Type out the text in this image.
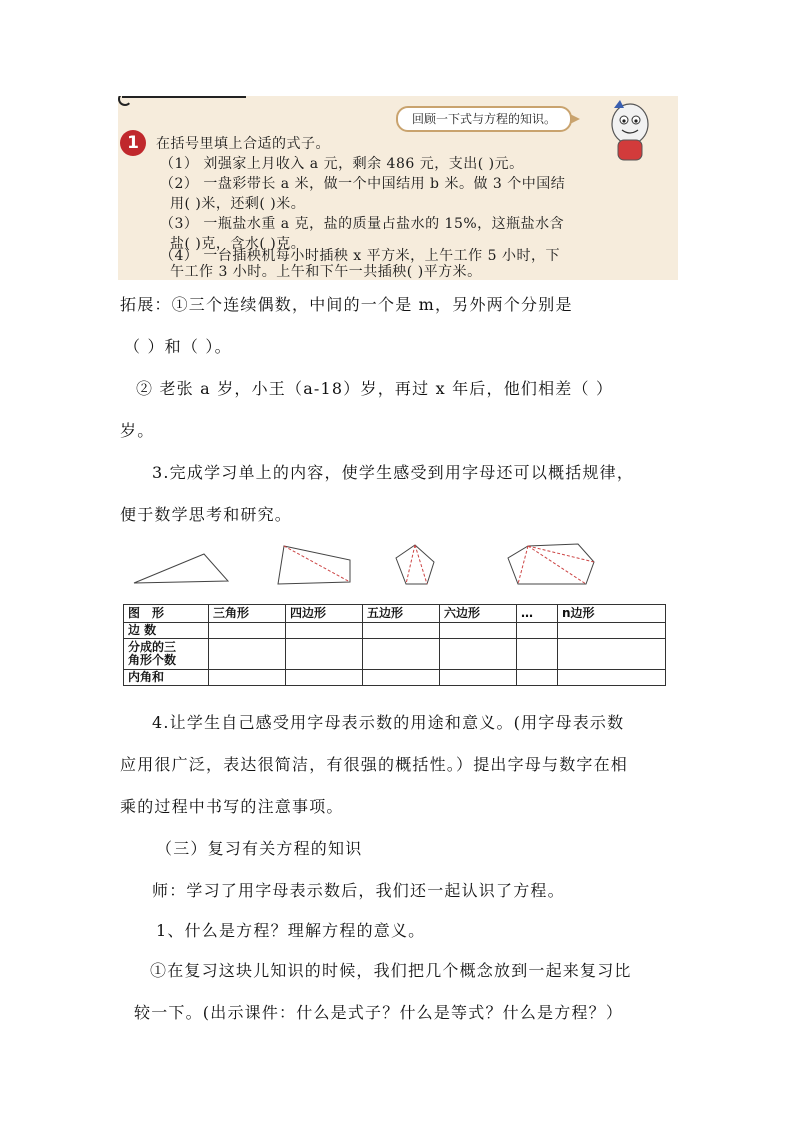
回顾一下式与方程的知识。
1	在括号里填上合适的式子。
（1） 刘强家上月收入 a 元，剩余 486 元，支出( )元。
（2） 一盘彩带长 a 米，做一个中国结用 b 米。做 3 个中国结
用( )米，还剩( )米。
（3） 一瓶盐水重 a 克，盐的质量占盐水的 15%，这瓶盐水含
盐( )克，含水( )克。
（4） 一台插秧机每小时插秧 x 平方米，上午工作 5 小时，下
午工作 3 小时。上午和下午一共插秧( )平方米。
拓展：①三个连续偶数，中间的一个是 m，另外两个分别是
（ ）和（ ）。
② 老张 a 岁，小王（a-18）岁，再过 x 年后，他们相差（ ）
岁。
3.完成学习单上的内容，使学生感受到用字母还可以概括规律，
便于数学思考和研究。
图　形	三角形	四边形	五边形	六边形	…	n边形
边 数						

分成的三
角形个数						

内角和						
4.让学生自己感受用字母表示数的用途和意义。(用字母表示数
应用很广泛，表达很简洁，有很强的概括性。）提出字母与数字在相
乘的过程中书写的注意事项。
（三）复习有关方程的知识
师：学习了用字母表示数后，我们还一起认识了方程。
1、什么是方程？理解方程的意义。
①在复习这块儿知识的时候，我们把几个概念放到一起来复习比
较一下。(出示课件：什么是式子？什么是等式？什么是方程？）
